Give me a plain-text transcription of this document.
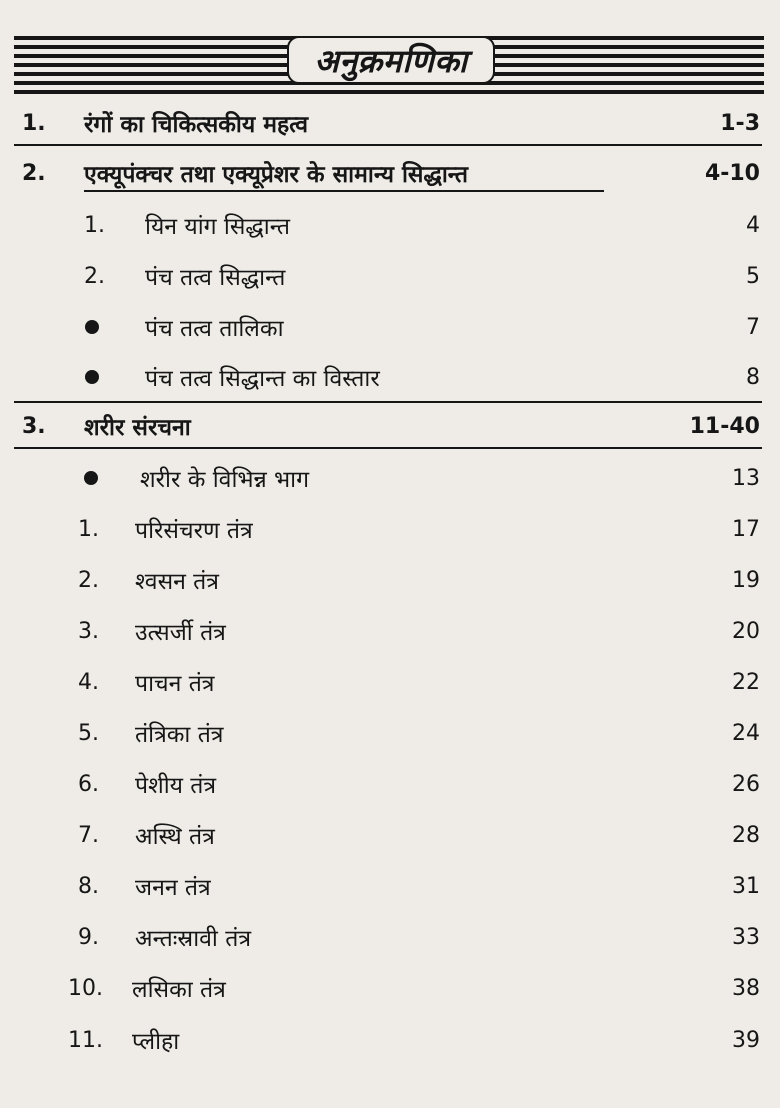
अनुक्रमणिका
1. रंगों का चिकित्सकीय महत्व	1-3
2. एक्यूपंक्चर तथा एक्यूप्रेशर के सामान्य सिद्धान्त	4-10
1. यिन यांग सिद्धान्त	4
2. पंच तत्व सिद्धान्त	5
पंच तत्व तालिका	7
पंच तत्व सिद्धान्त का विस्तार	8
3. शरीर संरचना	11-40
शरीर के विभिन्न भाग	13
1. परिसंचरण तंत्र	17
2. श्वसन तंत्र	19
3. उत्सर्जी तंत्र	20
4. पाचन तंत्र	22
5. तंत्रिका तंत्र	24
6. पेशीय तंत्र	26
7. अस्थि तंत्र	28
8. जनन तंत्र	31
9. अन्तःस्रावी तंत्र	33
10. लसिका तंत्र	38
11. प्लीहा	39
